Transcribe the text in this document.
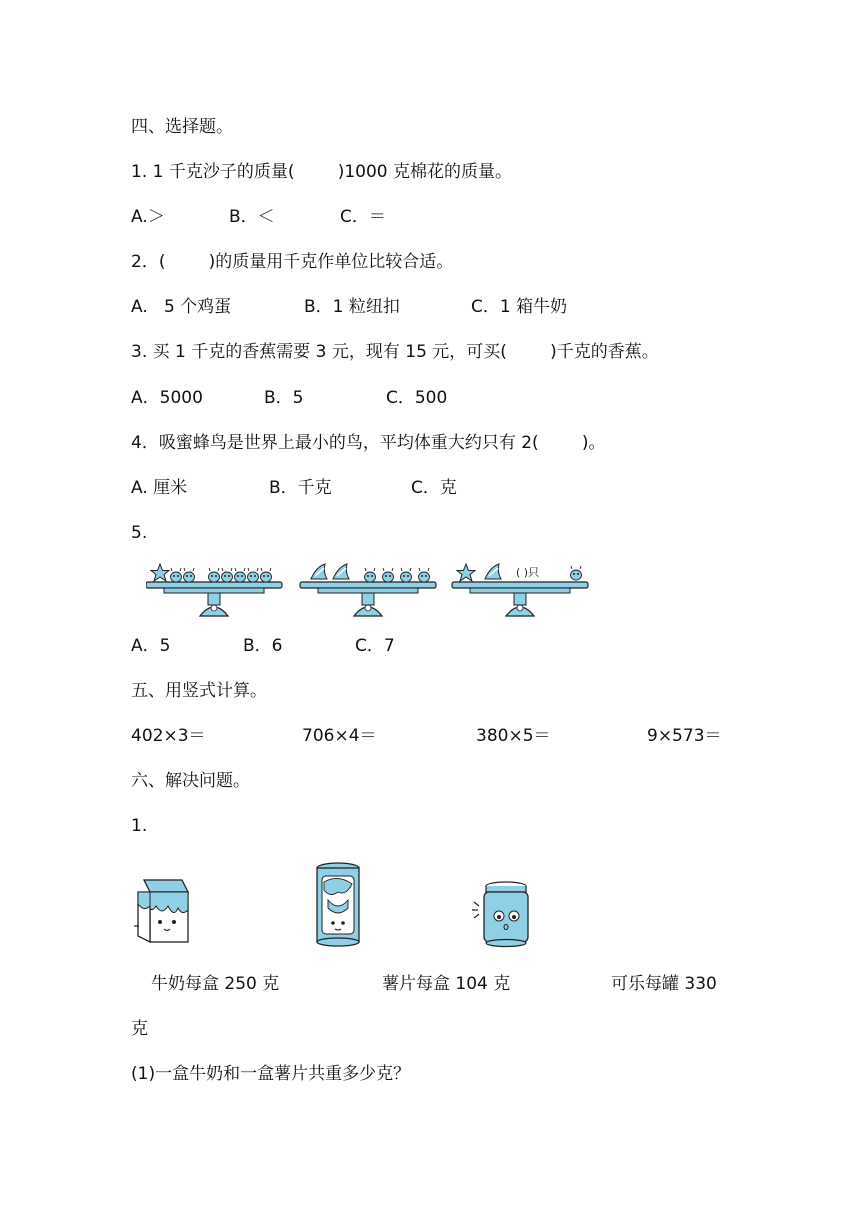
四、选择题。
1. 1 千克沙子的质量(        )1000 克棉花的质量。
A.＞	B．＜	C．＝
2．(        )的质量用千克作单位比较合适。
A.   5 个鸡蛋	B．1 粒纽扣	C．1 箱牛奶
3. 买 1 千克的香蕉需要 3 元，现有 15 元，可买(        )千克的香蕉。
A．5000	B．5	C．500
4．吸蜜蜂鸟是世界上最小的鸟，平均体重大约只有 2(        )。
A. 厘米	B．千克	C．克
5.
( )只
A．5	B．6	C．7
五、用竖式计算。
402×3＝	706×4＝	380×5＝	9×573＝
六、解决问题。
1.
牛奶每盒 250 克	薯片每盒 104 克	可乐每罐 330
克
(1)一盒牛奶和一盒薯片共重多少克？
